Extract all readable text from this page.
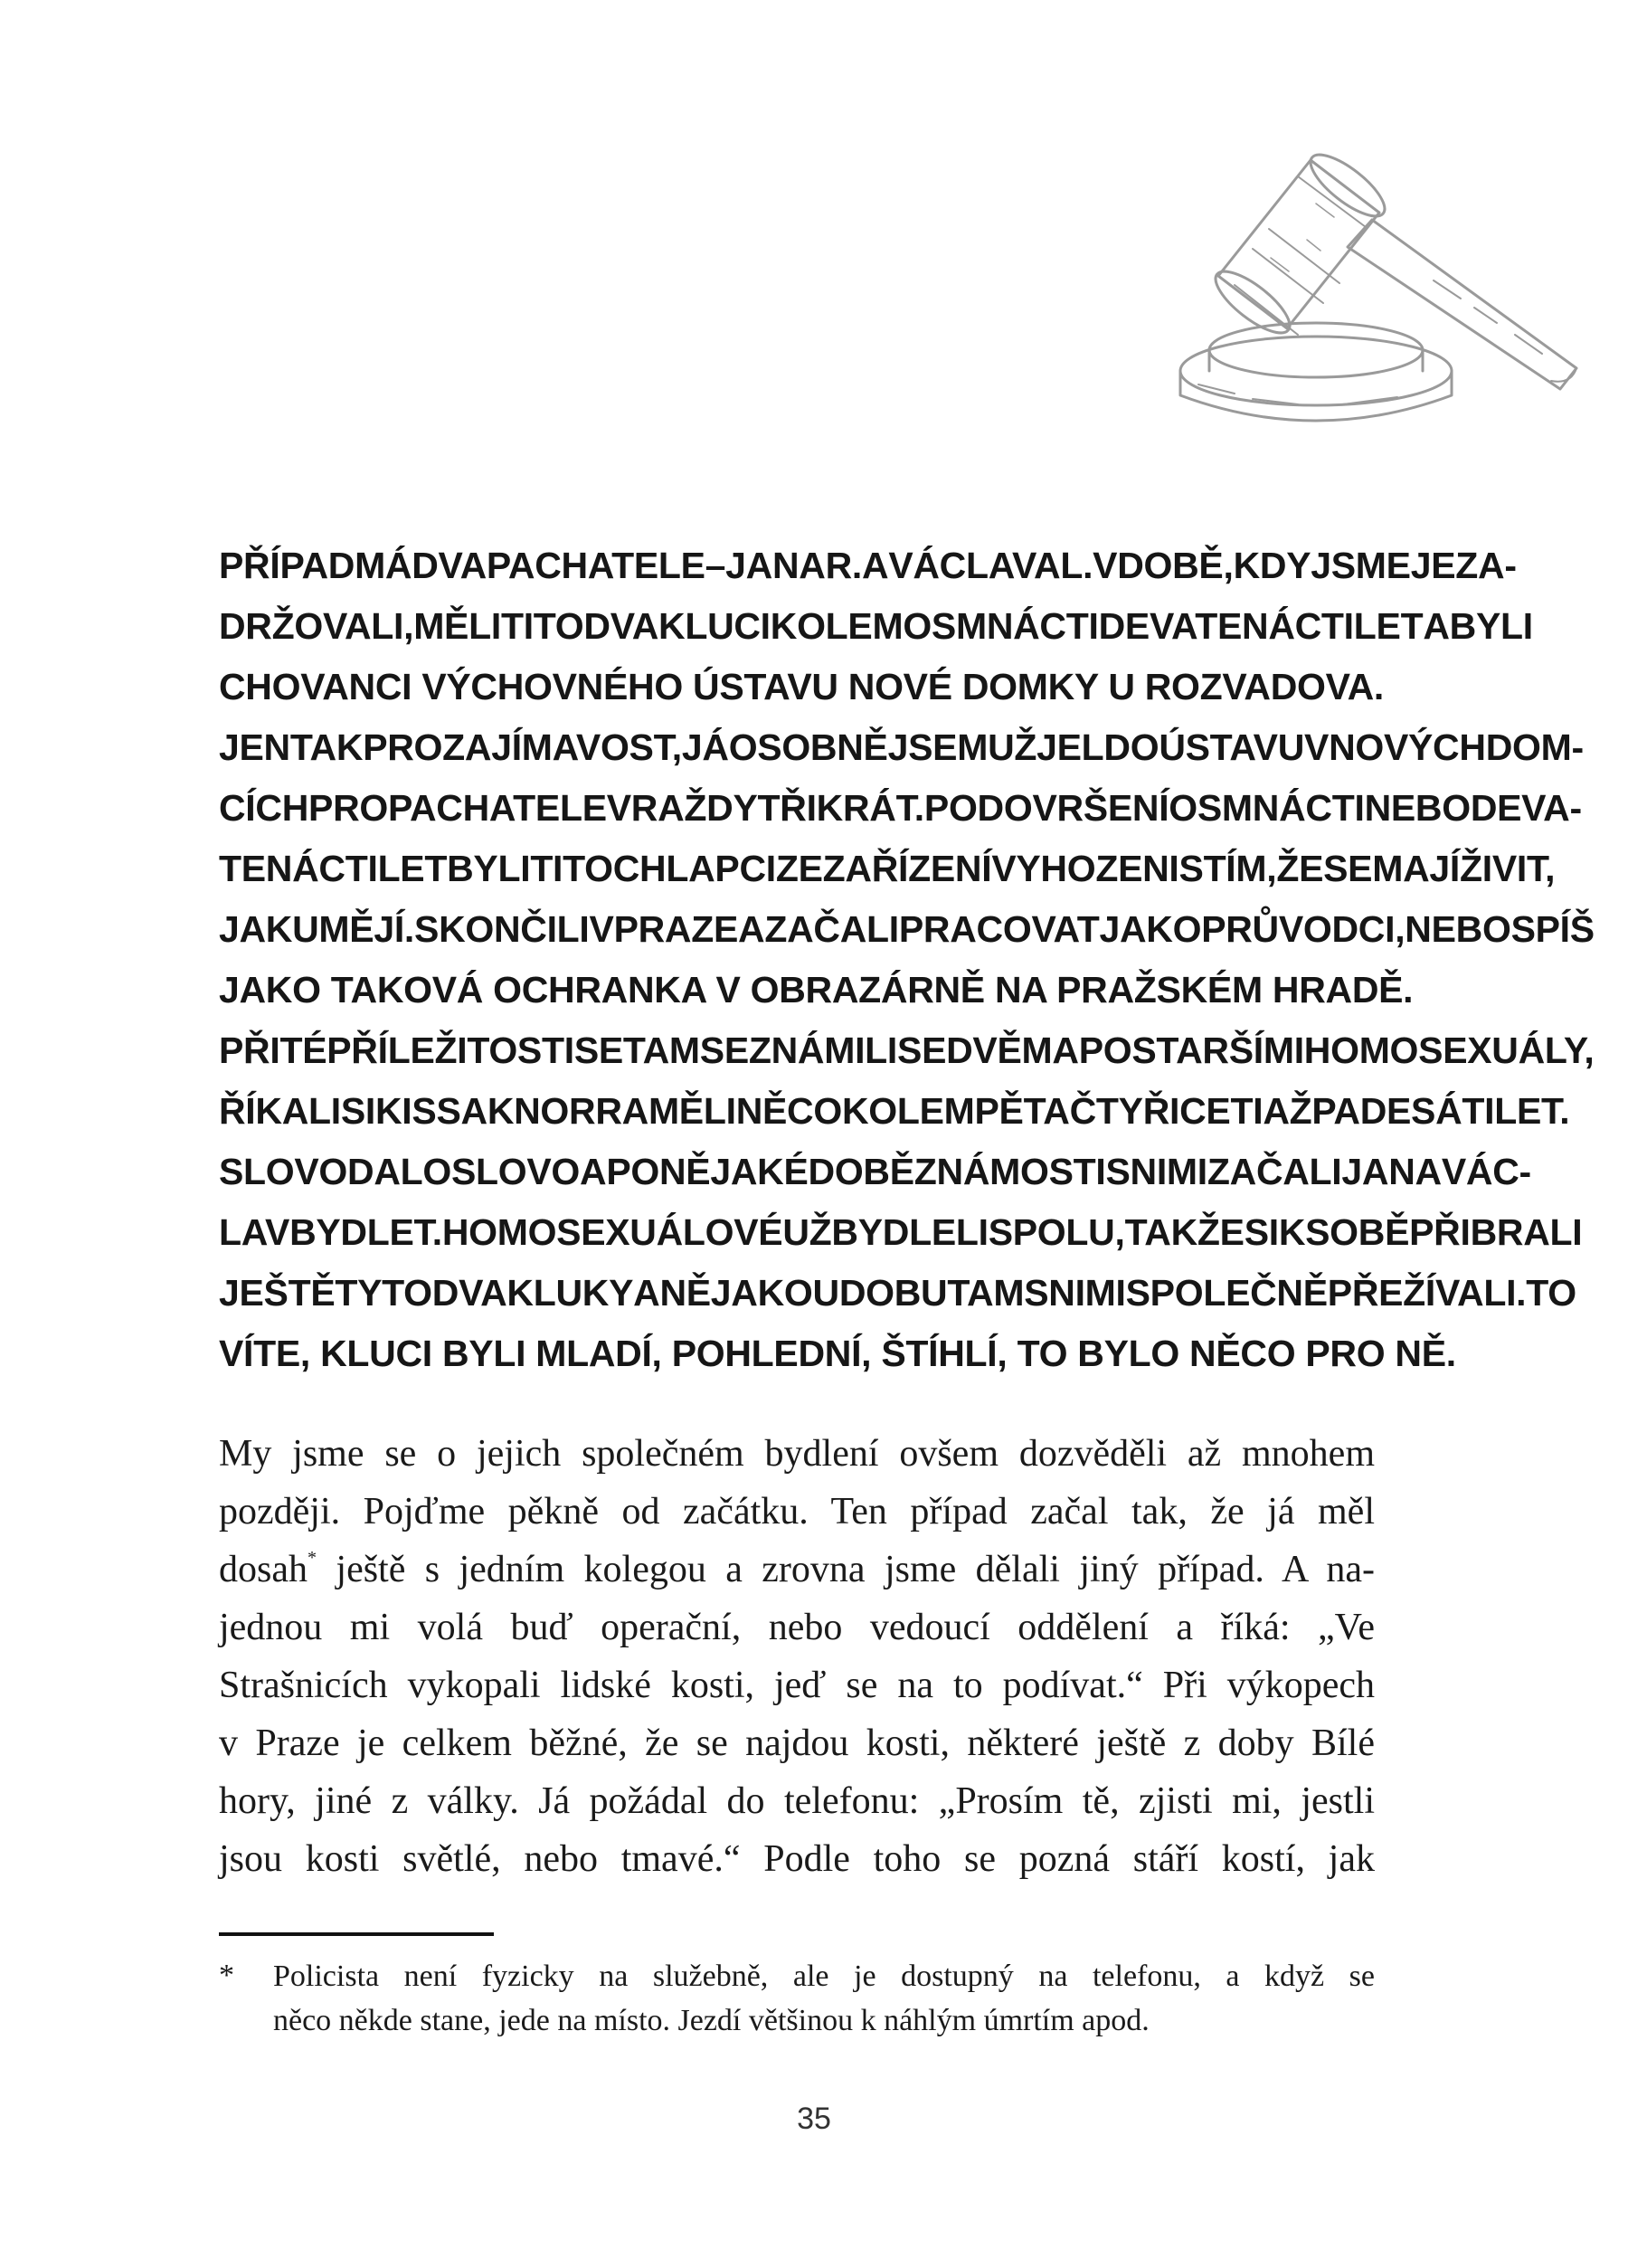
PŘÍPAD MÁ DVA PACHATELE – JANA R. A VÁCLAVA L. V DOBĚ, KDY JSME JE ZA-
DRŽOVALI, MĚLI TITO DVA KLUCI KOLEM OSMNÁCTI DEVATENÁCTI LET A BYLI
CHOVANCI VÝCHOVNÉHO ÚSTAVU NOVÉ DOMKY U ROZVADOVA.
JEN TAK PRO ZAJÍMAVOST, JÁ OSOBNĚ JSEM UŽ JEL DO ÚSTAVU V NOVÝCH DOM-
CÍCH PRO PACHATELE VRAŽDY TŘIKRÁT. PO DOVRŠENÍ OSMNÁCTI NEBO DEVA-
TENÁCTI LET BYLI TITO CHLAPCI ZE ZAŘÍZENÍ VYHOZENI S TÍM, ŽE SE MAJÍ ŽIVIT,
JAK UMĚJÍ. SKONČILI V PRAZE A ZAČALI PRACOVAT JAKO PRŮVODCI, NEBO SPÍŠ
JAKO TAKOVÁ OCHRANKA V OBRAZÁRNĚ NA PRAŽSKÉM HRADĚ.
PŘI TÉ PŘÍLEŽITOSTI SE TAM SEZNÁMILI SE DVĚMA POSTARŠÍMI HOMOSEXUÁLY,
ŘÍKALI SI KISS A KNORR A MĚLI NĚCO KOLEM PĚTAČTYŘICETI AŽ PADESÁTI LET.
SLOVO DALO SLOVO A PO NĚJAKÉ DOBĚ ZNÁMOSTI S NIMI ZAČALI JAN A VÁC-
LAV BYDLET. HOMOSEXUÁLOVÉ UŽ BYDLELI SPOLU, TAKŽE SI K SOBĚ PŘIBRALI
JEŠTĚ TYTO DVA KLUKY A NĚJAKOU DOBU TAM S NIMI SPOLEČNĚ PŘEŽÍVALI. TO
VÍTE, KLUCI BYLI MLADÍ, POHLEDNÍ, ŠTÍHLÍ, TO BYLO NĚCO PRO NĚ.
My jsme se o jejich společném bydlení ovšem dozvěděli až mnohem
později. Pojďme pěkně od začátku. Ten případ začal tak, že já měl
dosah* ještě s jedním kolegou a zrovna jsme dělali jiný případ. A na-
jednou mi volá buď operační, nebo vedoucí oddělení a říká: „Ve
Strašnicích vykopali lidské kosti, jeď se na to podívat.“ Při výkopech
v Praze je celkem běžné, že se najdou kosti, některé ještě z doby Bílé
hory, jiné z války. Já požádal do telefonu: „Prosím tě, zjisti mi, jestli
jsou kosti světlé, nebo tmavé.“ Podle toho se pozná stáří kostí, jak
*	Policista není fyzicky na služebně, ale je dostupný na telefonu, a když se
něco někde stane, jede na místo. Jezdí většinou k náhlým úmrtím apod.
35
